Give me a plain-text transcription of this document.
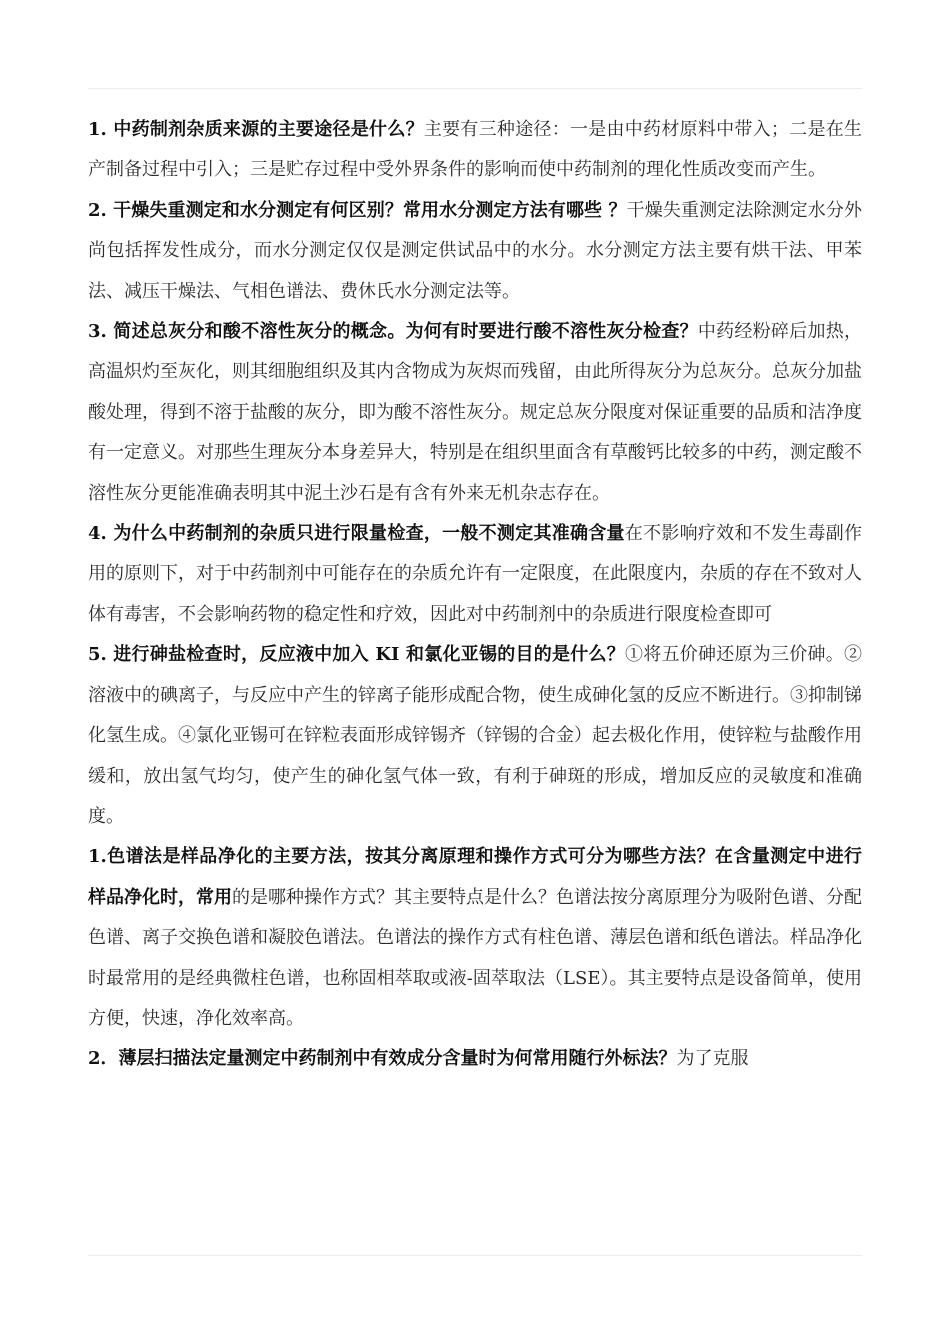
1. 中药制剂杂质来源的主要途径是什么？主要有三种途径：一是由中药材原料中带入；二是在生产制备过程中引入；三是贮存过程中受外界条件的影响而使中药制剂的理化性质改变而产生。

2. 干燥失重测定和水分测定有何区别？常用水分测定方法有哪些 ？干燥失重测定法除测定水分外尚包括挥发性成分，而水分测定仅仅是测定供试品中的水分。水分测定方法主要有烘干法、甲苯法、减压干燥法、气相色谱法、费休氏水分测定法等。

3. 简述总灰分和酸不溶性灰分的概念。为何有时要进行酸不溶性灰分检查？中药经粉碎后加热，高温炽灼至灰化，则其细胞组织及其内含物成为灰烬而残留，由此所得灰分为总灰分。总灰分加盐酸处理，得到不溶于盐酸的灰分，即为酸不溶性灰分。规定总灰分限度对保证重要的品质和洁净度有一定意义。对那些生理灰分本身差异大，特别是在组织里面含有草酸钙比较多的中药，测定酸不溶性灰分更能准确表明其中泥土沙石是有含有外来无机杂志存在。

4. 为什么中药制剂的杂质只进行限量检查，一般不测定其准确含量在不影响疗效和不发生毒副作用的原则下，对于中药制剂中可能存在的杂质允许有一定限度，在此限度内，杂质的存在不致对人体有毒害，不会影响药物的稳定性和疗效，因此对中药制剂中的杂质进行限度检查即可

5. 进行砷盐检查时，反应液中加入 KI 和氯化亚锡的目的是什么？①将五价砷还原为三价砷。②溶液中的碘离子，与反应中产生的锌离子能形成配合物，使生成砷化氢的反应不断进行。③抑制锑化氢生成。④氯化亚锡可在锌粒表面形成锌锡齐（锌锡的合金）起去极化作用，使锌粒与盐酸作用缓和，放出氢气均匀，使产生的砷化氢气体一致，有利于砷斑的形成，增加反应的灵敏度和准确度。

1.色谱法是样品净化的主要方法，按其分离原理和操作方式可分为哪些方法？在含量测定中进行样品净化时，常用的是哪种操作方式？其主要特点是什么？色谱法按分离原理分为吸附色谱、分配色谱、离子交换色谱和凝胶色谱法。色谱法的操作方式有柱色谱、薄层色谱和纸色谱法。样品净化时最常用的是经典微柱色谱，也称固相萃取或液-固萃取法（LSE）。其主要特点是设备简单，使用方便，快速，净化效率高。

2．薄层扫描法定量测定中药制剂中有效成分含量时为何常用随行外标法？为了克服
